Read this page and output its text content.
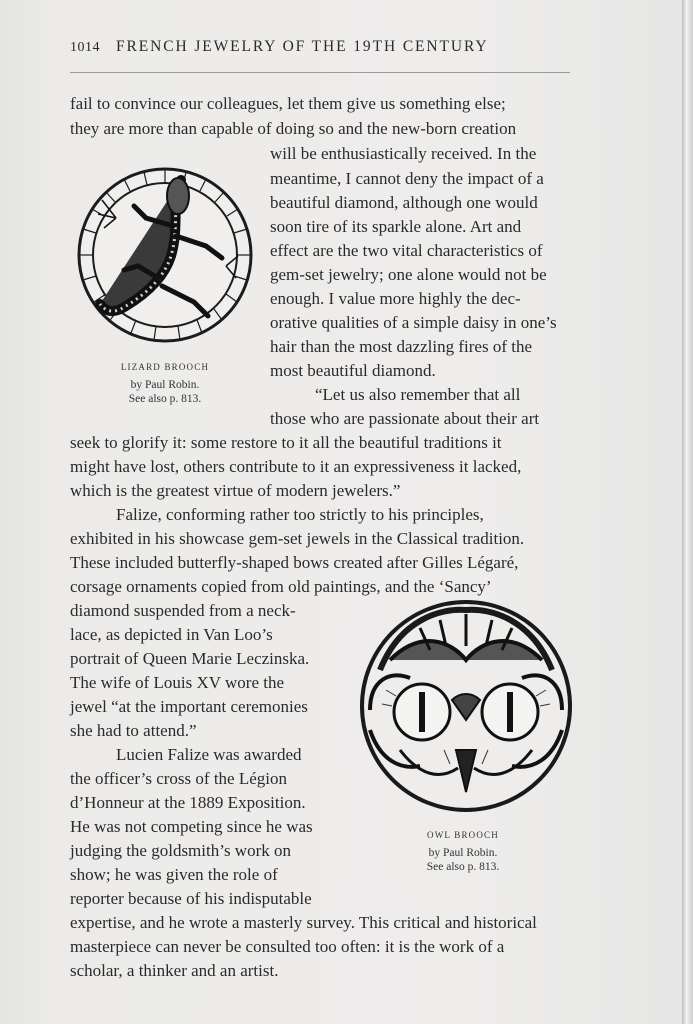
1014 FRENCH JEWELRY OF THE 19TH CENTURY
fail to convince our colleagues, let them give us something else;
they are more than capable of doing so and the new-born creation
will be enthusiastically received. In the
meantime, I cannot deny the impact of a
beautiful diamond, although one would
soon tire of its sparkle alone. Art and
effect are the two vital characteristics of
gem-set jewelry; one alone would not be
enough. I value more highly the dec-
orative qualities of a simple daisy in one’s
hair than the most dazzling fires of the
most beautiful diamond.
“Let us also remember that all
those who are passionate about their art
seek to glorify it: some restore to it all the beautiful traditions it
might have lost, others contribute to it an expressiveness it lacked,
which is the greatest virtue of modern jewelers.”
Falize, conforming rather too strictly to his principles,
exhibited in his showcase gem-set jewels in the Classical tradition.
These included butterfly-shaped bows created after Gilles Légaré,
corsage ornaments copied from old paintings, and the ‘Sancy’
diamond suspended from a neck-
lace, as depicted in Van Loo’s
portrait of Queen Marie Leczinska.
The wife of Louis XV wore the
jewel “at the important ceremonies
she had to attend.”
Lucien Falize was awarded
the officer’s cross of the Légion
d’Honneur at the 1889 Exposition.
He was not competing since he was
judging the goldsmith’s work on
show; he was given the role of
reporter because of his indisputable
expertise, and he wrote a masterly survey. This critical and historical
masterpiece can never be consulted too often: it is the work of a
scholar, a thinker and an artist.
LIZARD BROOCH
by Paul Robin.
See also p. 813.
OWL BROOCH
by Paul Robin.
See also p. 813.
